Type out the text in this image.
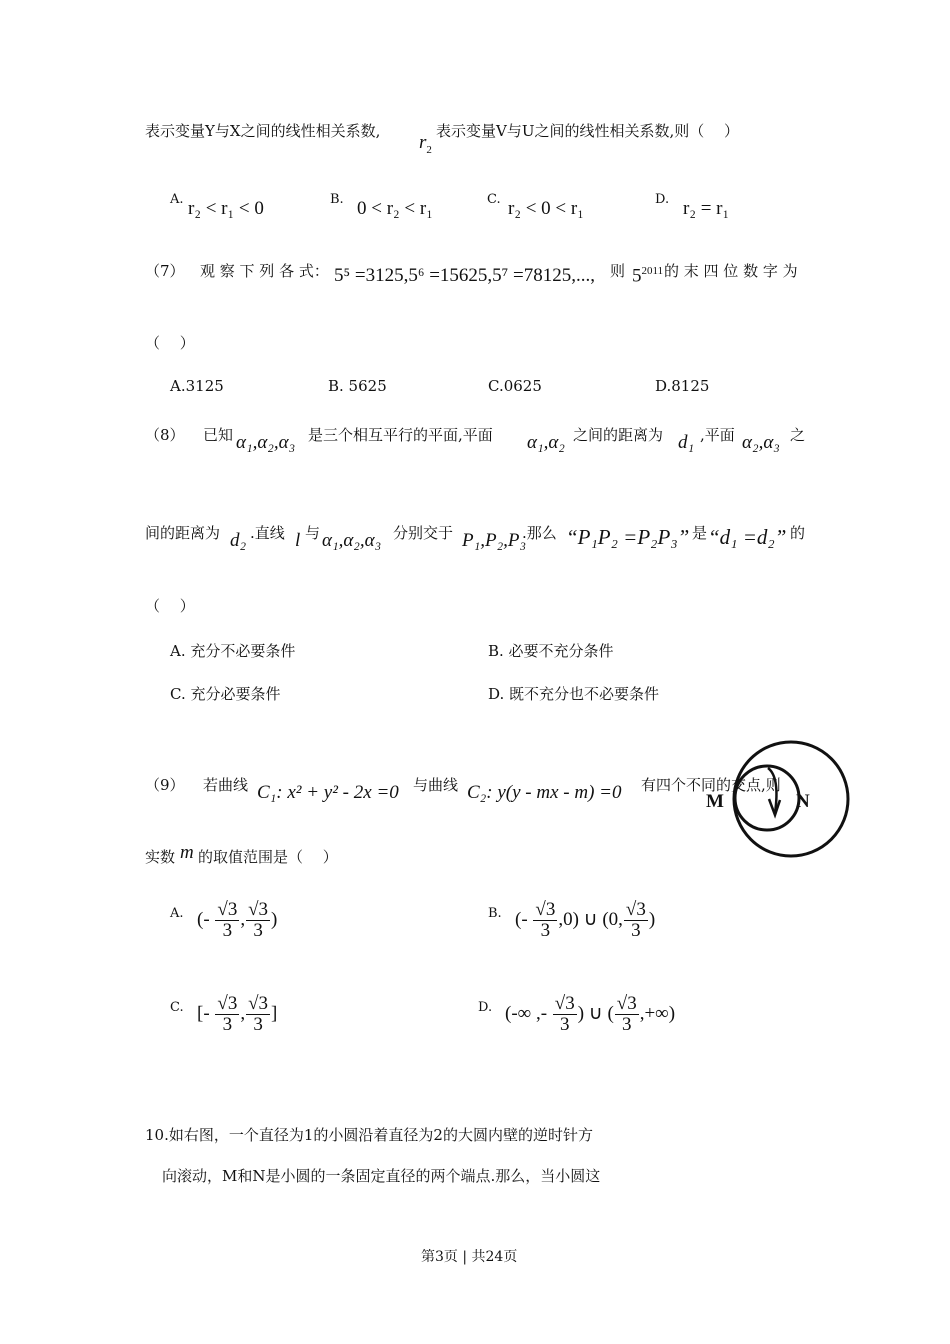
表示变量Y与X之间的线性相关系数,
$r_2$
表示变量V与U之间的线性相关系数,则（　 ）
A. r₂ < r₁ < 0	B. 0 < r₂ < r₁	C. r₂ < 0 < r₁	D. r₂ = r₁
（7） 观 察 下 列 各 式： 5⁵ =3125,5⁶ =15625,5⁷ =78125,..., 则 $5^{2011}$ 的 末 四 位 数 字 为
（　 ）
A.3125	B. 5625	C.0625	D.8125
（8） 已知 α₁,α₂,α₃ 是三个相互平行的平面,平面 α₁,α₂ 之间的距离为 d₁ ,平面 α₂,α₃ 之
间的距离为 d₂ .直线 l 与 α₁,α₂,α₃ 分别交于 P₁,P₂,P₃
.那么 “P₁P₂ =P₂P₃” 是 “d₁ =d₂” 的
（　 ）
A. 充分不必要条件	B. 必要不充分条件
C. 充分必要条件	D. 既不充分也不必要条件
（9） 若曲线 C₁: x² + y² - 2x =0 与曲线 C₂: y(y - mx - m) =0 有四个不同的交点,则
实数 m 的取值范围是（　 ）
A. (- $\frac{√3}{3}$ , $\frac{√3}{3}$ )	B. (- $\frac{√3}{3} ,0$) ∪ (0, $\frac{√3}{3}$ )
C. [- $\frac{√3}{3}$ , $\frac{√3}{3}$ ]	D. (-∞ ,- $\frac{√3}{3}$ ) ∪ ( $\frac{√3}{3}$ ,+∞)
M	N
10.如右图，一个直径为1的小圆沿着直径为2的大圆内壁的逆时针方
向滚动，M和N是小圆的一条固定直径的两个端点.那么，当小圆这
第3页 | 共24页
